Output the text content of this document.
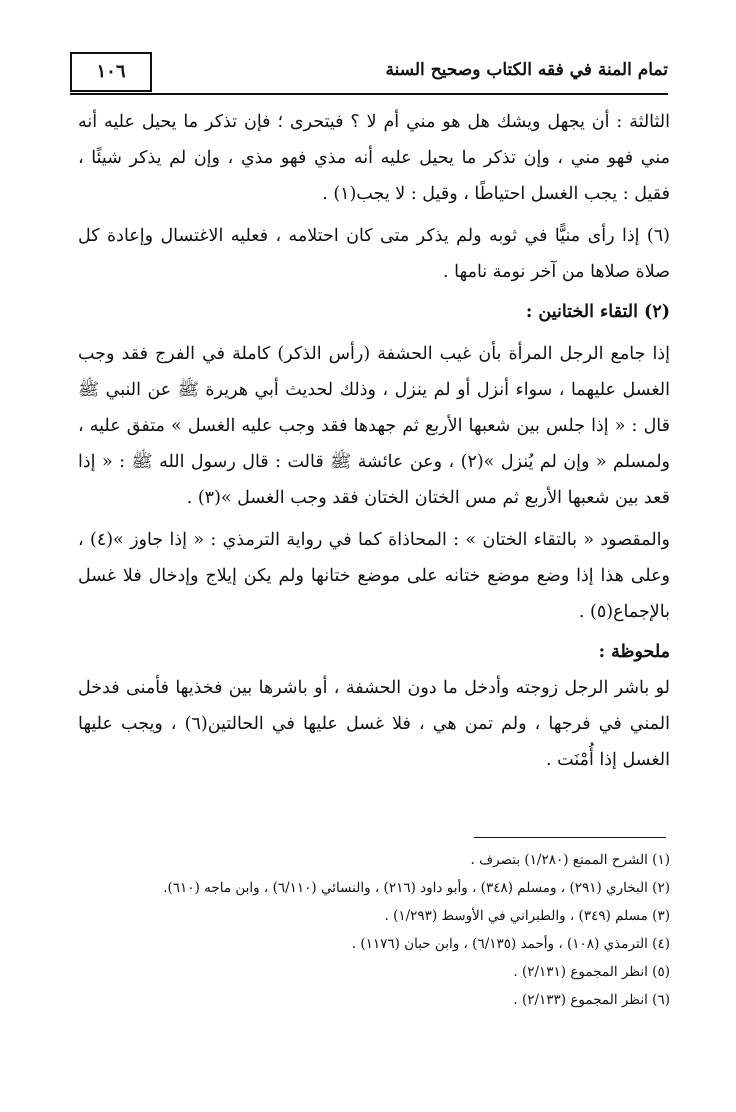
١٠٦	تمام المنة في فقه الكتاب وصحيح السنة

الثالثة : أن يجهل ويشك هل هو مني أم لا ؟ فيتحرى ؛ فإن تذكر ما يحيل عليه أنه مني فهو مني ، وإن تذكر ما يحيل عليه أنه مذي فهو مذي ، وإن لم يذكر شيئًا ، فقيل : يجب الغسل احتياطًا ، وقيل : لا يجب(١) .

(٦) إذا رأى منيًّا في ثوبه ولم يذكر متى كان احتلامه ، فعليه الاغتسال وإعادة كل صلاة صلاها من آخر نومة نامها .

(٢) التقاء الختانين :

إذا جامع الرجل المرأة بأن غيب الحشفة (رأس الذكر) كاملة في الفرج فقد وجب الغسل عليهما ، سواء أنزل أو لم ينزل ، وذلك لحديث أبي هريرة ﷺ عن النبي ﷺ قال : « إذا جلس بين شعبها الأربع ثم جهدها فقد وجب عليه الغسل » متفق عليه ، ولمسلم « وإن لم يُنزل »(٢) ، وعن عائشة ﷺ قالت : قال رسول الله ﷺ : « إذا قعد بين شعبها الأربع ثم مس الختان الختان فقد وجب الغسل »(٣) .

والمقصود « بالتقاء الختان » : المحاذاة كما في رواية الترمذي : « إذا جاوز »(٤) ، وعلى هذا إذا وضع موضع ختانه على موضع ختانها ولم يكن إيلاج وإدخال فلا غسل بالإجماع(٥) .

ملحوظة :

لو باشر الرجل زوجته وأدخل ما دون الحشفة ، أو باشرها بين فخذيها فأمنى فدخل المني في فرجها ، ولم تمن هي ، فلا غسل عليها في الحالتين(٦) ، ويجب عليها الغسل إذا أُمْنَت .

(١) الشرح الممتع (١/٢٨٠) بتصرف .

(٢) البخاري (٢٩١) ، ومسلم (٣٤٨) ، وأبو داود (٢١٦) ، والنسائي (٦/١١٠) ، وابن ماجه (٦١٠).

(٣) مسلم (٣٤٩) ، والطبراني في الأوسط (١/٢٩٣) .

(٤) الترمذي (١٠٨) ، وأحمد (٦/١٣٥) ، وابن حبان (١١٧٦) .

(٥) انظر المجموع (٢/١٣١) .

(٦) انظر المجموع (٢/١٣٣) .
